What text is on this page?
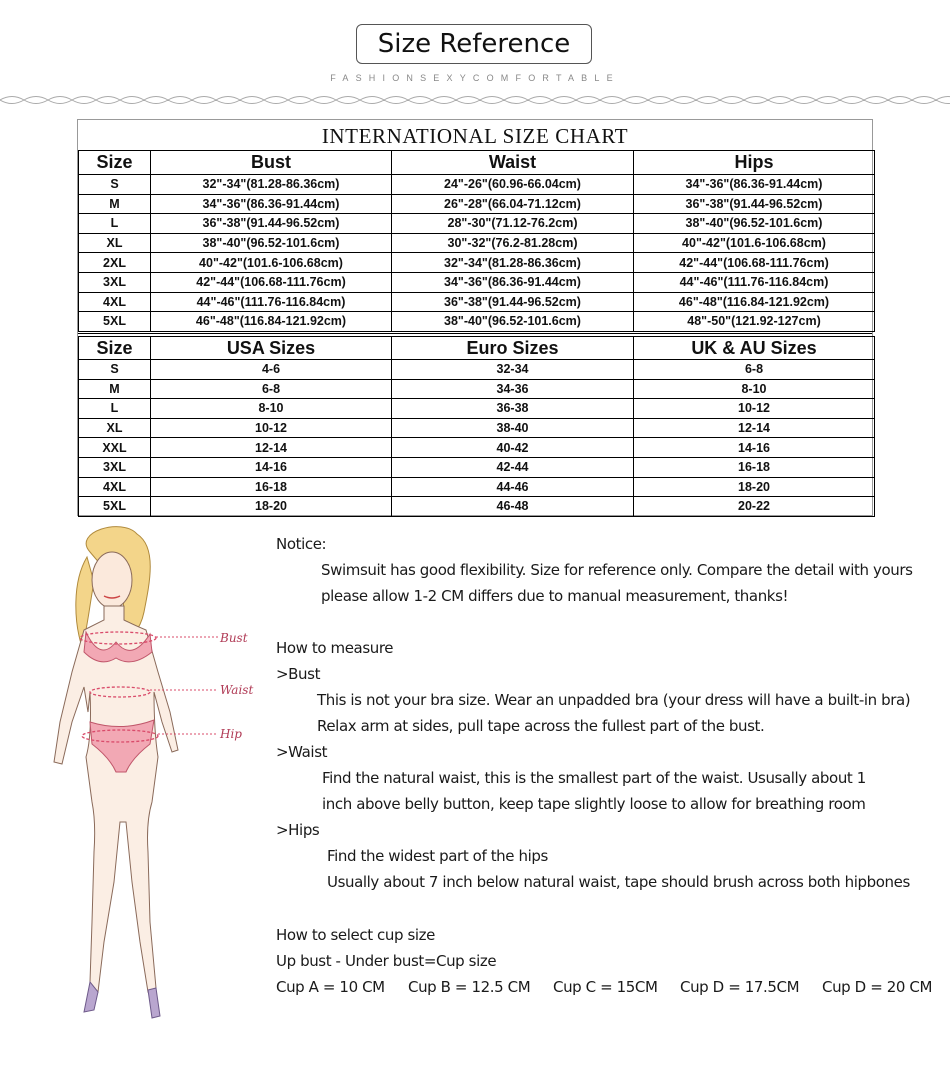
Size Reference
FASHIONSEXYCOMFORTABLE
INTERNATIONAL SIZE CHART
Size	Bust	Waist	Hips
S	32"-34"(81.28-86.36cm)	24"-26"(60.96-66.04cm)	34"-36"(86.36-91.44cm)
M	34"-36"(86.36-91.44cm)	26"-28"(66.04-71.12cm)	36"-38"(91.44-96.52cm)
L	36"-38"(91.44-96.52cm)	28"-30"(71.12-76.2cm)	38"-40"(96.52-101.6cm)
XL	38"-40"(96.52-101.6cm)	30"-32"(76.2-81.28cm)	40"-42"(101.6-106.68cm)
2XL	40"-42"(101.6-106.68cm)	32"-34"(81.28-86.36cm)	42"-44"(106.68-111.76cm)
3XL	42"-44"(106.68-111.76cm)	34"-36"(86.36-91.44cm)	44"-46"(111.76-116.84cm)
4XL	44"-46"(111.76-116.84cm)	36"-38"(91.44-96.52cm)	46"-48"(116.84-121.92cm)
5XL	46"-48"(116.84-121.92cm)	38"-40"(96.52-101.6cm)	48"-50"(121.92-127cm)
Size	USA Sizes	Euro Sizes	UK & AU Sizes
S	4-6	32-34	6-8
M	6-8	34-36	8-10
L	8-10	36-38	10-12
XL	10-12	38-40	12-14
XXL	12-14	40-42	14-16
3XL	14-16	42-44	16-18
4XL	16-18	44-46	18-20
5XL	18-20	46-48	20-22
Bust
Waist
Hip
Notice:
Swimsuit has good flexibility. Size for reference only. Compare the detail with yours
please allow 1-2 CM differs due to manual measurement, thanks!
How to measure
>Bust
This is not your bra size. Wear an unpadded bra (your dress will have a built-in bra)
Relax arm at sides, pull tape across the fullest part of the bust.
>Waist
Find the natural waist, this is the smallest part of the waist. Ususally about 1
inch above belly button, keep tape slightly loose to allow for breathing room
>Hips
Find the widest part of the hips
Usually about 7 inch below natural waist, tape should brush across both hipbones
How to select cup size
Up bust - Under bust=Cup size
Cup A = 10 CM Cup B = 12.5 CM Cup C = 15CM Cup D = 17.5CM Cup D = 20 CM
